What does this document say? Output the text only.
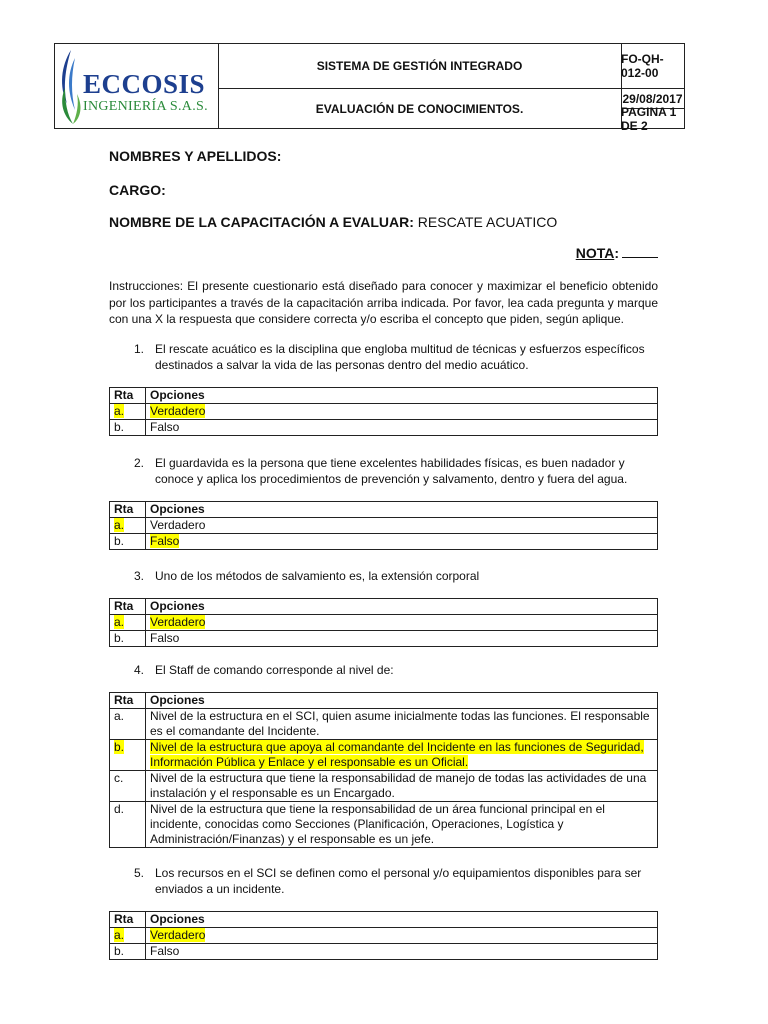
ECCOSIS
INGENIERÍA S.A.S.
SISTEMA DE GESTIÓN INTEGRADO
EVALUACIÓN DE CONOCIMIENTOS.
FO-QH-012-00
29/08/2017
PAGINA 1 DE 2
NOMBRES Y APELLIDOS:
CARGO:
NOMBRE DE LA CAPACITACIÓN A EVALUAR: RESCATE ACUATICO
NOTA:
Instrucciones: El presente cuestionario está diseñado para conocer y maximizar el beneficio obtenido por los participantes a través de la capacitación arriba indicada. Por favor, lea cada pregunta y marque con una X la respuesta que considere correcta y/o escriba el concepto que piden, según aplique.
1. El rescate acuático es la disciplina que engloba multitud de técnicas y esfuerzos específicos destinados a salvar la vida de las personas dentro del medio acuático.
Rta	Opciones
a.	Verdadero
b.	Falso
2. El guardavida es la persona que tiene excelentes habilidades físicas, es buen nadador y conoce y aplica los procedimientos de prevención y salvamento, dentro y fuera del agua.
Rta	Opciones
a.	Verdadero
b.	Falso
3. Uno de los métodos de salvamiento es, la extensión corporal
Rta	Opciones
a.	Verdadero
b.	Falso
4. El Staff de comando corresponde al nivel de:
Rta	Opciones
a.	Nivel de la estructura en el SCI, quien asume inicialmente todas las funciones. El responsable es el comandante del Incidente.
b.	Nivel de la estructura que apoya al comandante del Incidente en las funciones de Seguridad, Información Pública y Enlace y el responsable es un Oficial.
c.	Nivel de la estructura que tiene la responsabilidad de manejo de todas las actividades de una instalación y el responsable es un Encargado.
d.	Nivel de la estructura que tiene la responsabilidad de un área funcional principal en el incidente, conocidas como Secciones (Planificación, Operaciones, Logística y Administración/Finanzas) y el responsable es un jefe.
5. Los recursos en el SCI se definen como el personal y/o equipamientos disponibles para ser enviados a un incidente.
Rta	Opciones
a.	Verdadero
b.	Falso
